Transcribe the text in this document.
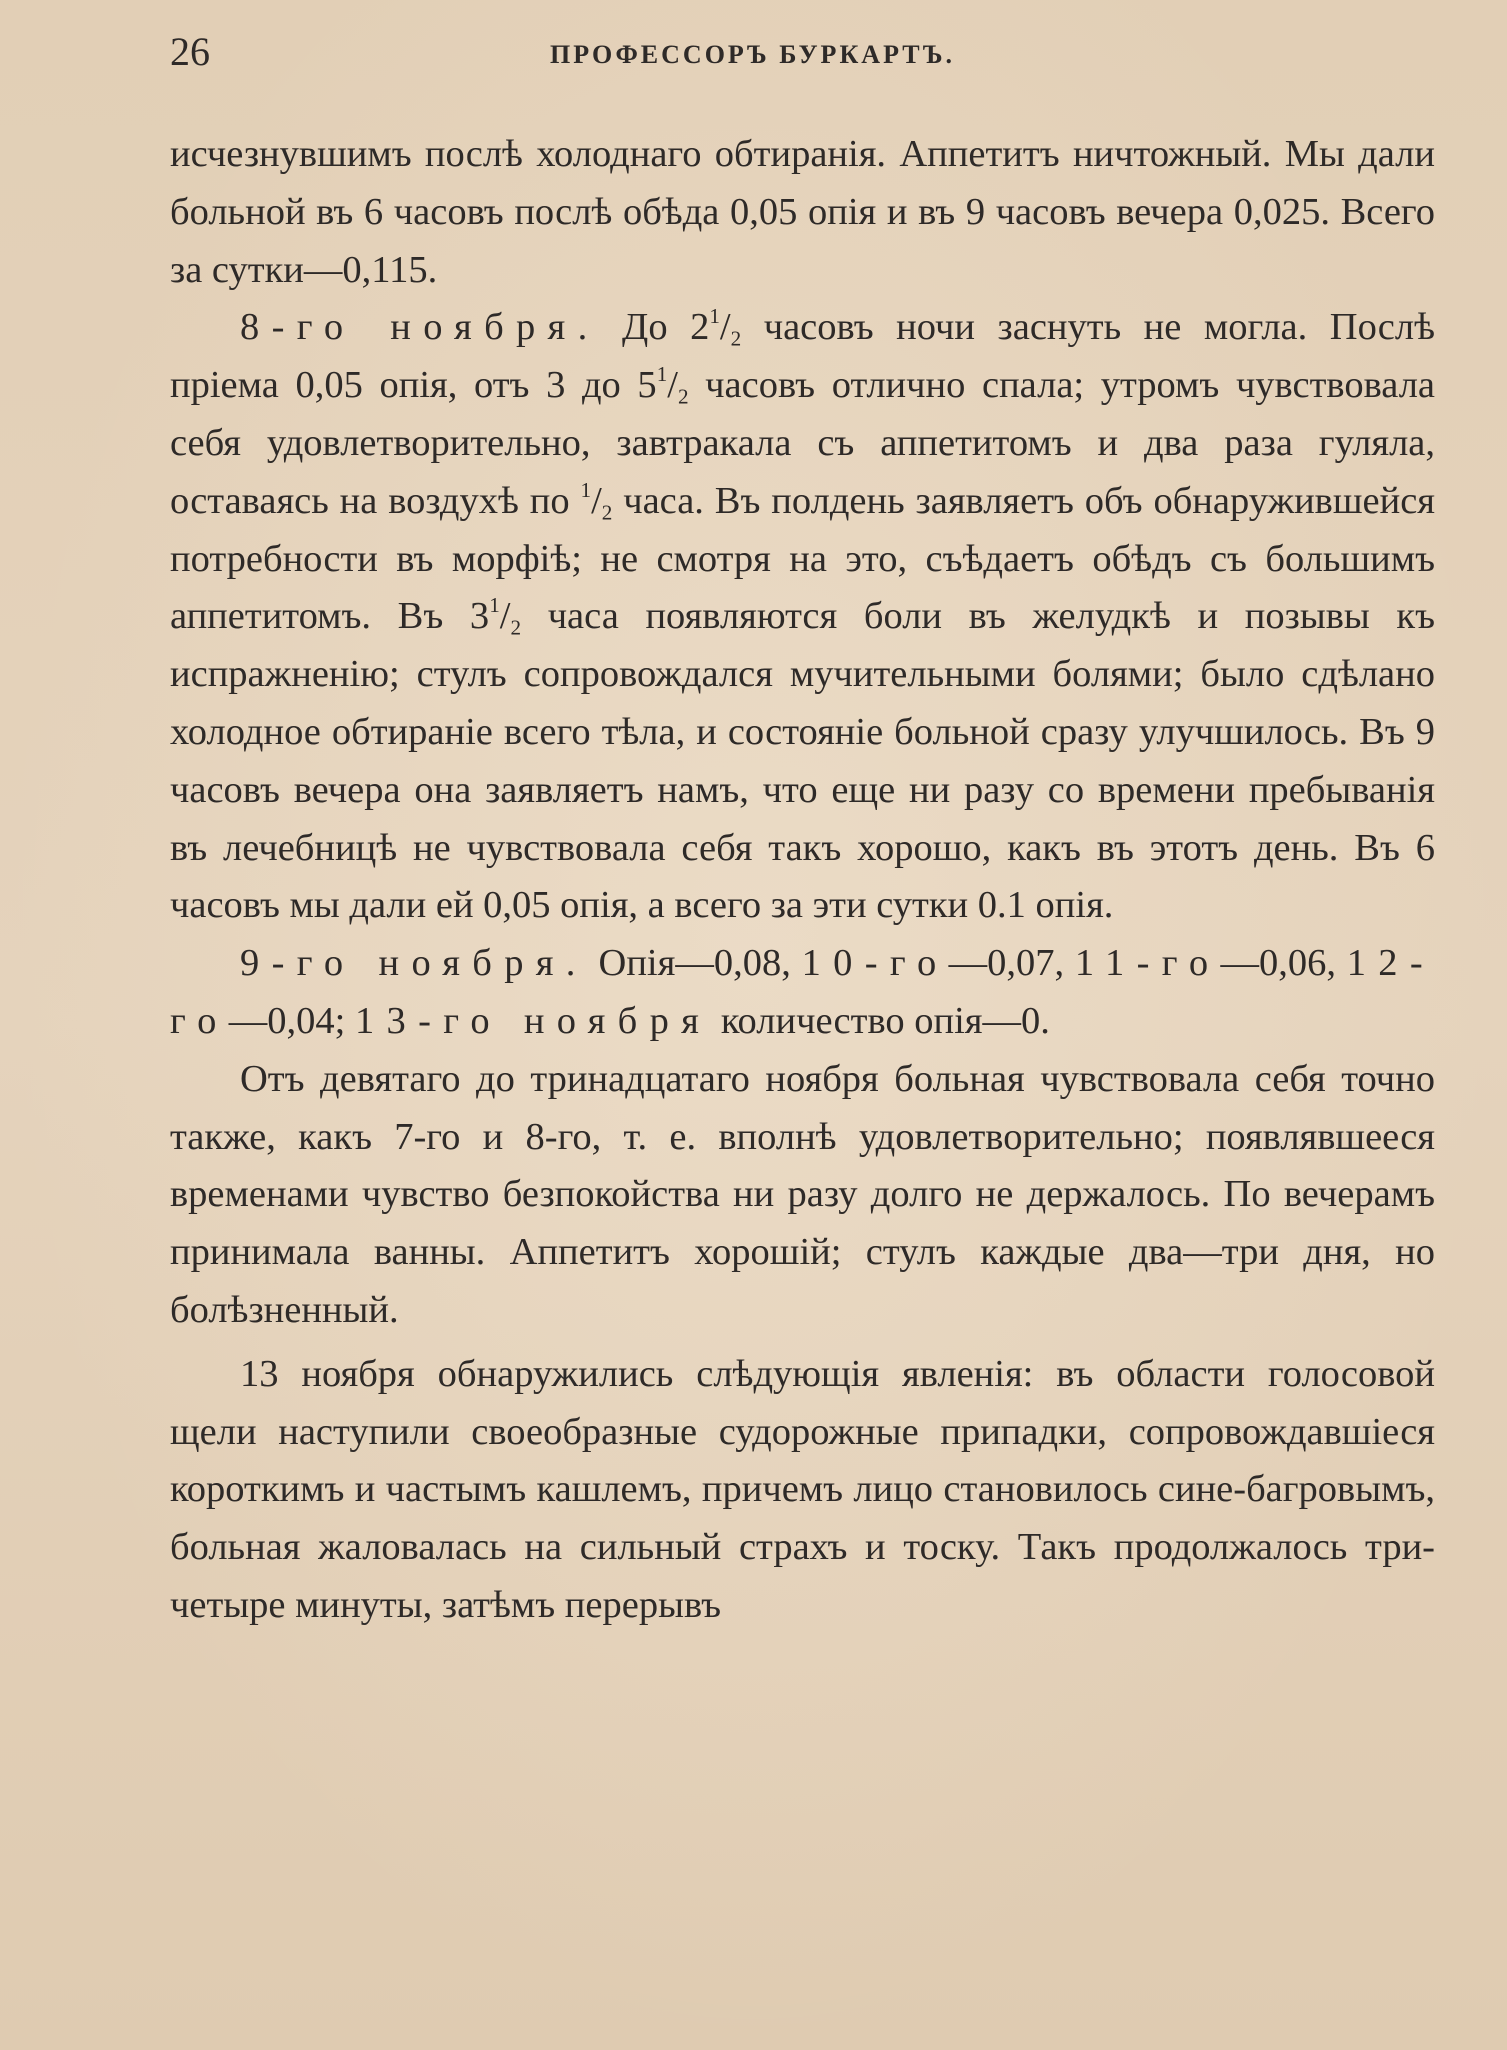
26	ПРОФЕССОРЪ БУРКАРТЪ.

исчезнувшимъ послѣ холоднаго обтиранія. Аппетитъ ничтожный. Мы дали больной въ 6 часовъ послѣ обѣда 0,05 опія и въ 9 часовъ вечера 0,025. Всего за сутки—0,115.

8-го ноября. До $2^1/_2$ часовъ ночи заснуть не могла. Послѣ пріема 0,05 опія, отъ 3 до $5^1/_2$ часовъ отлично спала; утромъ чувствовала себя удовлетворительно, завтракала съ аппетитомъ и два раза гуляла, оставаясь на воздухѣ по $^1/_2$ часа. Въ полдень заявляетъ объ обнаружившейся потребности въ морфіѣ; не смотря на это, съѣдаетъ обѣдъ съ большимъ аппетитомъ. Въ $3^1/_2$ часа появляются боли въ желудкѣ и позывы къ испражненію; стулъ сопровождался мучительными болями; было сдѣлано холодное обтираніе всего тѣла, и состояніе больной сразу улучшилось. Въ 9 часовъ вечера она заявляетъ намъ, что еще ни разу со времени пребыванія въ лечебницѣ не чувствовала себя такъ хорошо, какъ въ этотъ день. Въ 6 часовъ мы дали ей 0,05 опія, а всего за эти сутки 0.1 опія.

9-го ноября. Опія—0,08, 10-го—0,07, 11-го—0,06, 12-го—0,04; 13-го ноября количество опія—0.

Отъ девятаго до тринадцатаго ноября больная чувствовала себя точно также, какъ 7-го и 8-го, т. е. вполнѣ удовлетворительно; появлявшееся временами чувство безпокойства ни разу долго не держалось. По вечерамъ принимала ванны. Аппетитъ хорошій; стулъ каждые два—три дня, но болѣзненный.

13 ноября обнаружились слѣдующія явленія: въ области голосовой щели наступили своеобразные судорожные припадки, сопровождавшіеся короткимъ и частымъ кашлемъ, причемъ лицо становилось сине-багровымъ, больная жаловалась на сильный страхъ и тоску. Такъ продолжалось три-четыре минуты, затѣмъ перерывъ
